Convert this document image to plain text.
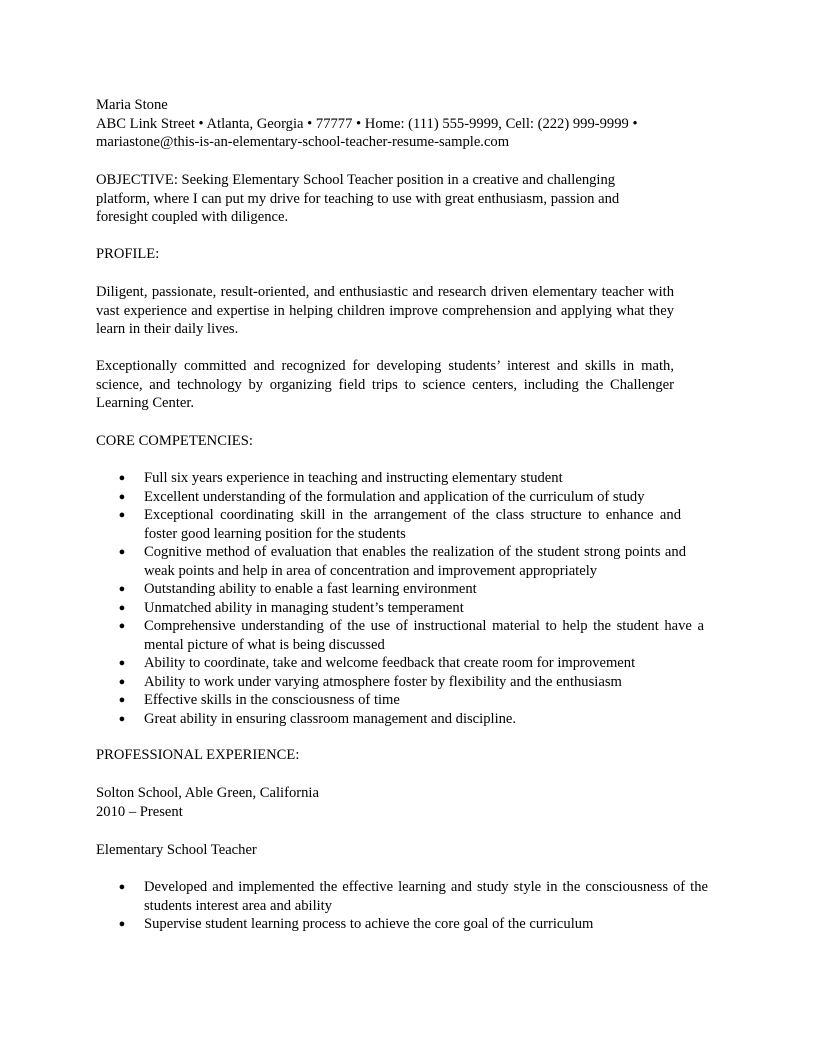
Maria Stone
ABC Link Street • Atlanta, Georgia • 77777 • Home: (111) 555-9999, Cell: (222) 999-9999 •
mariastone@this-is-an-elementary-school-teacher-resume-sample.com
OBJECTIVE: Seeking Elementary School Teacher position in a creative and challenging
platform, where I can put my drive for teaching to use with great enthusiasm, passion and
foresight coupled with diligence.
PROFILE:
Diligent, passionate, result-oriented, and enthusiastic and research driven elementary teacher with vast experience and expertise in helping children improve comprehension and applying what they learn in their daily lives.
Exceptionally committed and recognized for developing students’ interest and skills in math, science, and technology by organizing field trips to science centers, including the Challenger Learning Center.
CORE COMPETENCIES:
● Full six years experience in teaching and instructing elementary student
● Excellent understanding of the formulation and application of the curriculum of study
● Exceptional coordinating skill in the arrangement of the class structure to enhance and foster good learning position for the students
● Cognitive method of evaluation that enables the realization of the student strong points and weak points and help in area of concentration and improvement appropriately
● Outstanding ability to enable a fast learning environment
● Unmatched ability in managing student’s temperament
● Comprehensive understanding of the use of instructional material to help the student have a mental picture of what is being discussed
● Ability to coordinate, take and welcome feedback that create room for improvement
● Ability to work under varying atmosphere foster by flexibility and the enthusiasm
● Effective skills in the consciousness of time
● Great ability in ensuring classroom management and discipline.
PROFESSIONAL EXPERIENCE:
Solton School, Able Green, California
2010 – Present
Elementary School Teacher
● Developed and implemented the effective learning and study style in the consciousness of the students interest area and ability
● Supervise student learning process to achieve the core goal of the curriculum
